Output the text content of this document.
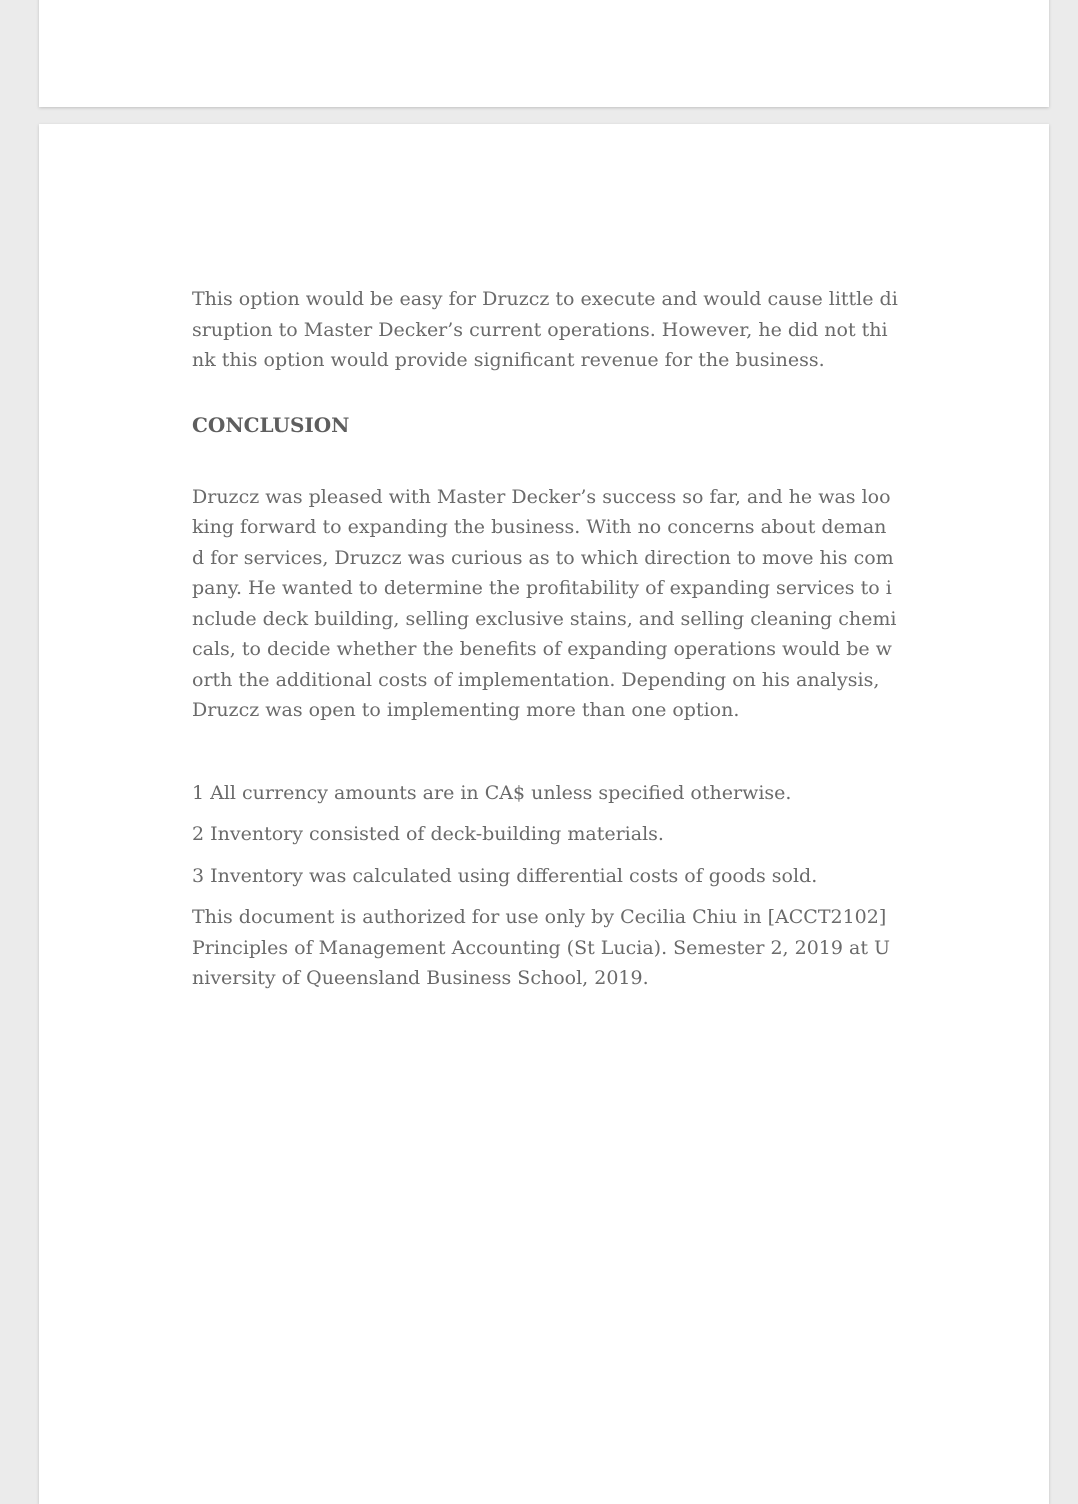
This option would be easy for Druzcz to execute and would cause little disruption to Master Decker’s current operations. However, he did not think this option would provide significant revenue for the business.

CONCLUSION

Druzcz was pleased with Master Decker’s success so far, and he was looking forward to expanding the business. With no concerns about demand for services, Druzcz was curious as to which direction to move his company. He wanted to determine the profitability of expanding services to include deck building, selling exclusive stains, and selling cleaning chemicals, to decide whether the benefits of expanding operations would be worth the additional costs of implementation. Depending on his analysis, Druzcz was open to implementing more than one option.

1 All currency amounts are in CA$ unless specified otherwise.

2 Inventory consisted of deck-building materials.

3 Inventory was calculated using differential costs of goods sold.

This document is authorized for use only by Cecilia Chiu in [ACCT2102] Principles of Management Accounting (St Lucia). Semester 2, 2019 at University of Queensland Business School, 2019.
